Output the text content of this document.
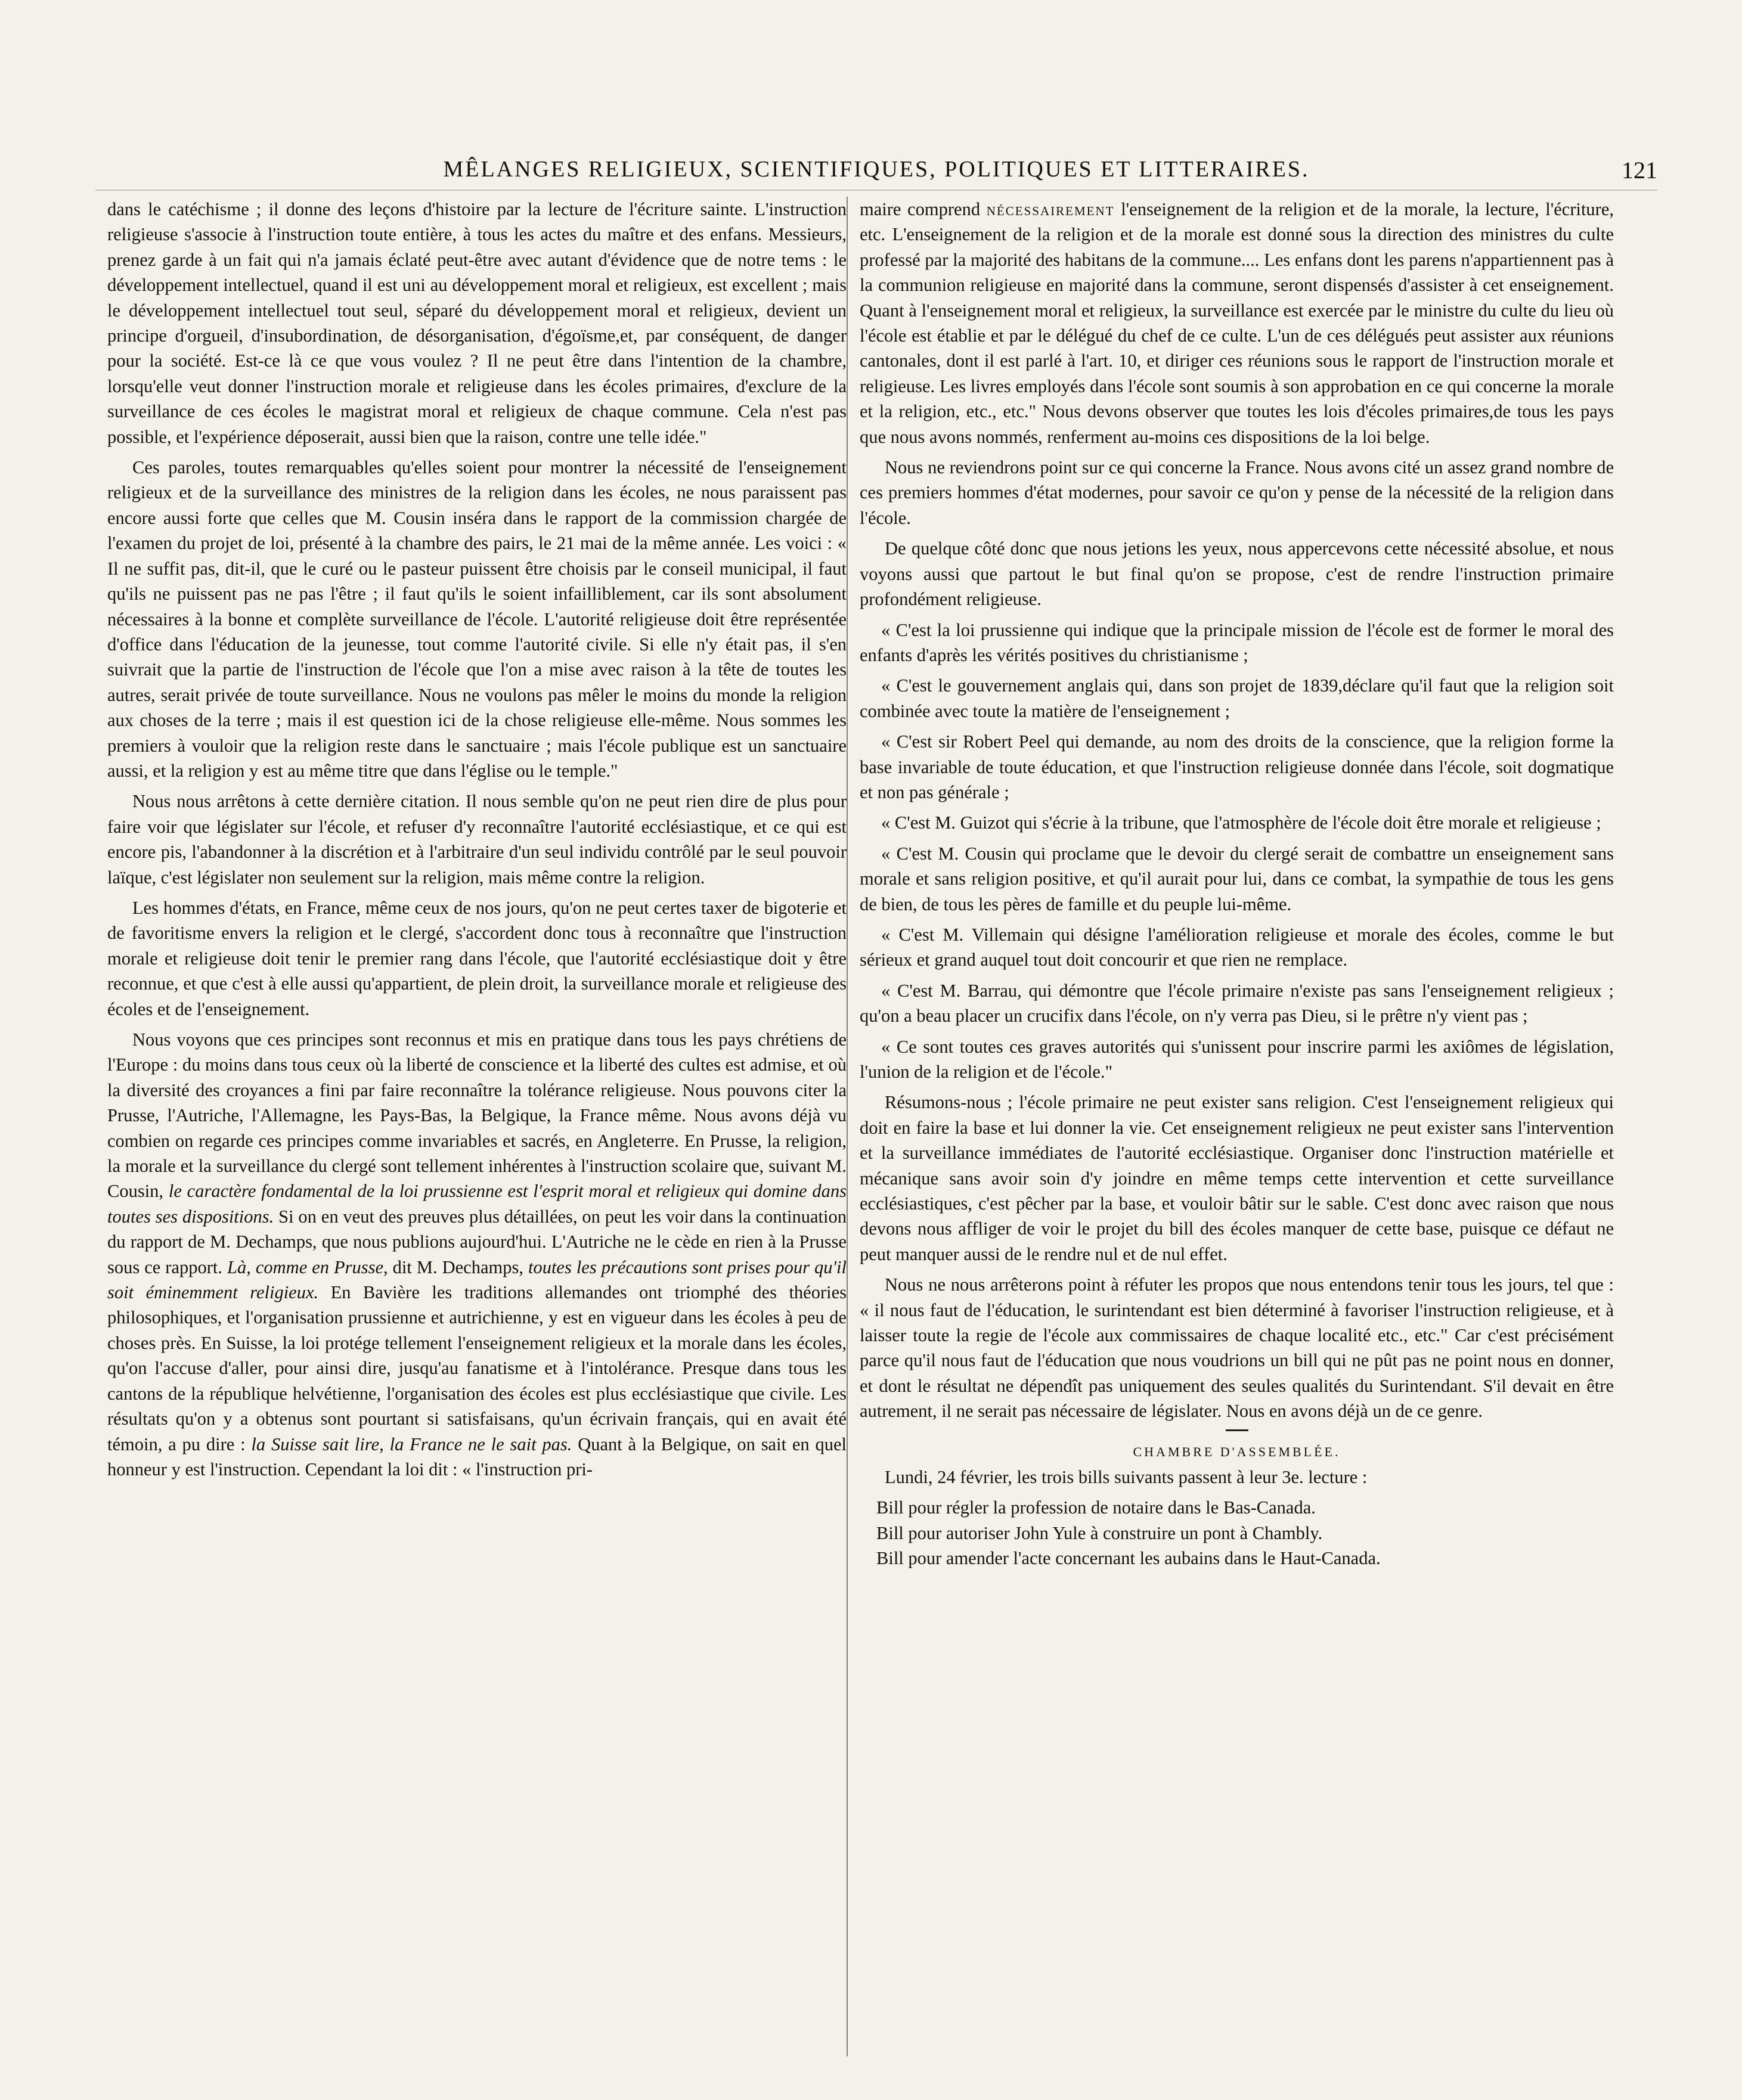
MÊLANGES RELIGIEUX, SCIENTIFIQUES, POLITIQUES ET LITTERAIRES.	121

dans le catéchisme ; il donne des leçons d'histoire par la lecture de l'écriture sainte. L'instruction religieuse s'associe à l'instruction toute entière, à tous les actes du maître et des enfans. Messieurs, prenez garde à un fait qui n'a jamais éclaté peut-être avec autant d'évidence que de notre tems : le développement intellectuel, quand il est uni au développement moral et religieux, est excellent ; mais le développement intellectuel tout seul, séparé du développement moral et religieux, devient un principe d'orgueil, d'insubordination, de désorganisation, d'égoïsme,et, par conséquent, de danger pour la société. Est-ce là ce que vous voulez ? Il ne peut être dans l'intention de la chambre, lorsqu'elle veut donner l'instruction morale et religieuse dans les écoles primaires, d'exclure de la surveillance de ces écoles le magistrat moral et religieux de chaque commune. Cela n'est pas possible, et l'expérience déposerait, aussi bien que la raison, contre une telle idée."

Ces paroles, toutes remarquables qu'elles soient pour montrer la nécessité de l'enseignement religieux et de la surveillance des ministres de la religion dans les écoles, ne nous paraissent pas encore aussi forte que celles que M. Cousin inséra dans le rapport de la commission chargée de l'examen du projet de loi, présenté à la chambre des pairs, le 21 mai de la même année. Les voici : « Il ne suffit pas, dit-il, que le curé ou le pasteur puissent être choisis par le conseil municipal, il faut qu'ils ne puissent pas ne pas l'être ; il faut qu'ils le soient infailliblement, car ils sont absolument nécessaires à la bonne et complète surveillance de l'école. L'autorité religieuse doit être représentée d'office dans l'éducation de la jeunesse, tout comme l'autorité civile. Si elle n'y était pas, il s'en suivrait que la partie de l'instruction de l'école que l'on a mise avec raison à la tête de toutes les autres, serait privée de toute surveillance. Nous ne voulons pas mêler le moins du monde la religion aux choses de la terre ; mais il est question ici de la chose religieuse elle-même. Nous sommes les premiers à vouloir que la religion reste dans le sanctuaire ; mais l'école publique est un sanctuaire aussi, et la religion y est au même titre que dans l'église ou le temple."

Nous nous arrêtons à cette dernière citation. Il nous semble qu'on ne peut rien dire de plus pour faire voir que législater sur l'école, et refuser d'y reconnaître l'autorité ecclésiastique, et ce qui est encore pis, l'abandonner à la discrétion et à l'arbitraire d'un seul individu contrôlé par le seul pouvoir laïque, c'est législater non seulement sur la religion, mais même contre la religion.

Les hommes d'états, en France, même ceux de nos jours, qu'on ne peut certes taxer de bigoterie et de favoritisme envers la religion et le clergé, s'accordent donc tous à reconnaître que l'instruction morale et religieuse doit tenir le premier rang dans l'école, que l'autorité ecclésiastique doit y être reconnue, et que c'est à elle aussi qu'appartient, de plein droit, la surveillance morale et religieuse des écoles et de l'enseignement.

Nous voyons que ces principes sont reconnus et mis en pratique dans tous les pays chrétiens de l'Europe : du moins dans tous ceux où la liberté de conscience et la liberté des cultes est admise, et où la diversité des croyances a fini par faire reconnaître la tolérance religieuse. Nous pouvons citer la Prusse, l'Autriche, l'Allemagne, les Pays-Bas, la Belgique, la France même. Nous avons déjà vu combien on regarde ces principes comme invariables et sacrés, en Angleterre. En Prusse, la religion, la morale et la surveillance du clergé sont tellement inhérentes à l'instruction scolaire que, suivant M. Cousin, le caractère fondamental de la loi prussienne est l'esprit moral et religieux qui domine dans toutes ses dispositions. Si on en veut des preuves plus détaillées, on peut les voir dans la continuation du rapport de M. Dechamps, que nous publions aujourd'hui. L'Autriche ne le cède en rien à la Prusse sous ce rapport. Là, comme en Prusse, dit M. Dechamps, toutes les précautions sont prises pour qu'il soit éminemment religieux. En Bavière les traditions allemandes ont triomphé des théories philosophiques, et l'organisation prussienne et autrichienne, y est en vigueur dans les écoles à peu de choses près. En Suisse, la loi protége tellement l'enseignement religieux et la morale dans les écoles, qu'on l'accuse d'aller, pour ainsi dire, jusqu'au fanatisme et à l'intolérance. Presque dans tous les cantons de la république helvétienne, l'organisation des écoles est plus ecclésiastique que civile. Les résultats qu'on y a obtenus sont pourtant si satisfaisans, qu'un écrivain français, qui en avait été témoin, a pu dire : la Suisse sait lire, la France ne le sait pas. Quant à la Belgique, on sait en quel honneur y est l'instruction. Cependant la loi dit : « l'instruction pri-

maire comprend nécessairement l'enseignement de la religion et de la morale, la lecture, l'écriture, etc. L'enseignement de la religion et de la morale est donné sous la direction des ministres du culte professé par la majorité des habitans de la commune.... Les enfans dont les parens n'appartiennent pas à la communion religieuse en majorité dans la commune, seront dispensés d'assister à cet enseignement. Quant à l'enseignement moral et religieux, la surveillance est exercée par le ministre du culte du lieu où l'école est établie et par le délégué du chef de ce culte. L'un de ces délégués peut assister aux réunions cantonales, dont il est parlé à l'art. 10, et diriger ces réunions sous le rapport de l'instruction morale et religieuse. Les livres employés dans l'école sont soumis à son approbation en ce qui concerne la morale et la religion, etc., etc." Nous devons observer que toutes les lois d'écoles primaires,de tous les pays que nous avons nommés, renferment au-moins ces dispositions de la loi belge.

Nous ne reviendrons point sur ce qui concerne la France. Nous avons cité un assez grand nombre de ces premiers hommes d'état modernes, pour savoir ce qu'on y pense de la nécessité de la religion dans l'école.

De quelque côté donc que nous jetions les yeux, nous appercevons cette nécessité absolue, et nous voyons aussi que partout le but final qu'on se propose, c'est de rendre l'instruction primaire profondément religieuse.

« C'est la loi prussienne qui indique que la principale mission de l'école est de former le moral des enfants d'après les vérités positives du christianisme ;

« C'est le gouvernement anglais qui, dans son projet de 1839,déclare qu'il faut que la religion soit combinée avec toute la matière de l'enseignement ;

« C'est sir Robert Peel qui demande, au nom des droits de la conscience, que la religion forme la base invariable de toute éducation, et que l'instruction religieuse donnée dans l'école, soit dogmatique et non pas générale ;

« C'est M. Guizot qui s'écrie à la tribune, que l'atmosphère de l'école doit être morale et religieuse ;

« C'est M. Cousin qui proclame que le devoir du clergé serait de combattre un enseignement sans morale et sans religion positive, et qu'il aurait pour lui, dans ce combat, la sympathie de tous les gens de bien, de tous les pères de famille et du peuple lui-même.

« C'est M. Villemain qui désigne l'amélioration religieuse et morale des écoles, comme le but sérieux et grand auquel tout doit concourir et que rien ne remplace.

« C'est M. Barrau, qui démontre que l'école primaire n'existe pas sans l'enseignement religieux ; qu'on a beau placer un crucifix dans l'école, on n'y verra pas Dieu, si le prêtre n'y vient pas ;

« Ce sont toutes ces graves autorités qui s'unissent pour inscrire parmi les axiômes de législation, l'union de la religion et de l'école."

Résumons-nous ; l'école primaire ne peut exister sans religion. C'est l'enseignement religieux qui doit en faire la base et lui donner la vie. Cet enseignement religieux ne peut exister sans l'intervention et la surveillance immédiates de l'autorité ecclésiastique. Organiser donc l'instruction matérielle et mécanique sans avoir soin d'y joindre en même temps cette intervention et cette surveillance ecclésiastiques, c'est pêcher par la base, et vouloir bâtir sur le sable. C'est donc avec raison que nous devons nous affliger de voir le projet du bill des écoles manquer de cette base, puisque ce défaut ne peut manquer aussi de le rendre nul et de nul effet.

Nous ne nous arrêterons point à réfuter les propos que nous entendons tenir tous les jours, tel que : « il nous faut de l'éducation, le surintendant est bien déterminé à favoriser l'instruction religieuse, et à laisser toute la regie de l'école aux commissaires de chaque localité etc., etc." Car c'est précisément parce qu'il nous faut de l'éducation que nous voudrions un bill qui ne pût pas ne point nous en donner, et dont le résultat ne dépendît pas uniquement des seules qualités du Surintendant. S'il devait en être autrement, il ne serait pas nécessaire de législater. Nous en avons déjà un de ce genre.

CHAMBRE D'ASSEMBLÉE.

Lundi, 24 février, les trois bills suivants passent à leur 3e. lecture :

Bill pour régler la profession de notaire dans le Bas-Canada.

Bill pour autoriser John Yule à construire un pont à Chambly.

Bill pour amender l'acte concernant les aubains dans le Haut-Canada.
